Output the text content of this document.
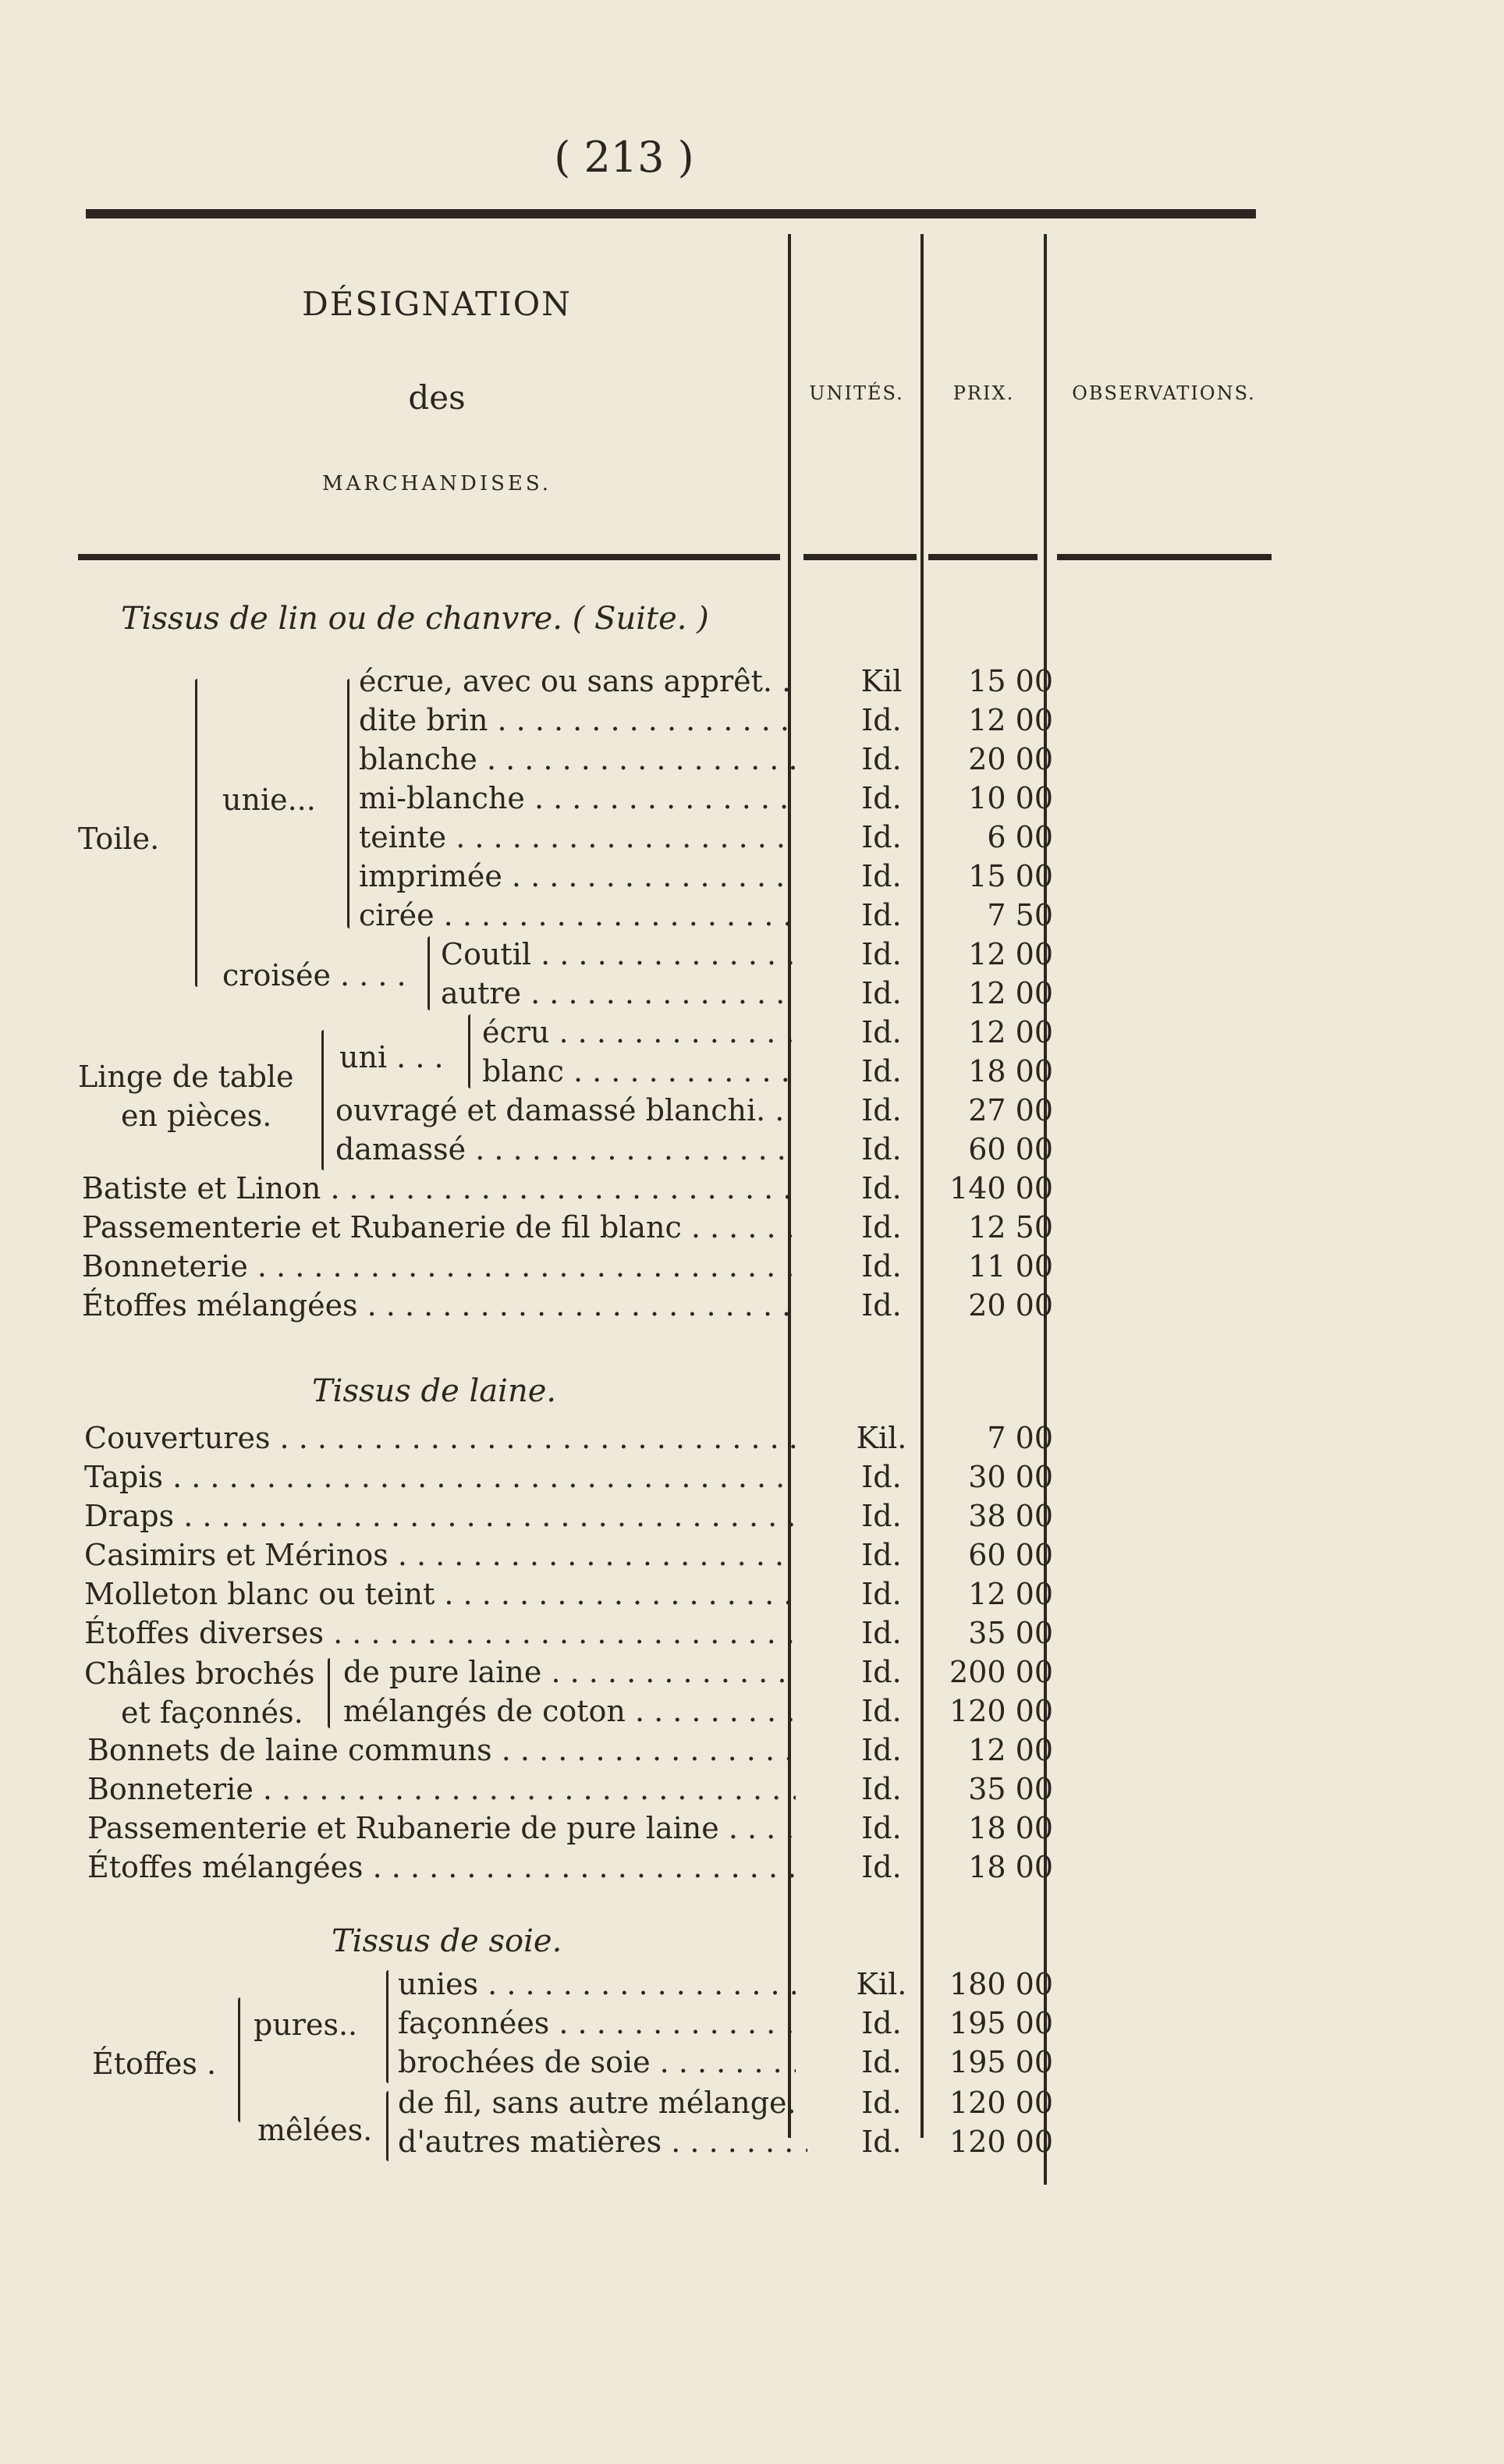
( 213 )
DÉSIGNATION
des
MARCHANDISES.
UNITÉS.	PRIX.	OBSERVATIONS.
Tissus de lin ou de chanvre. ( Suite. )
Tissus de laine.
Tissus de soie.
Toile.
unie...
croisée . . . .
Linge de table
en pièces.
uni . . .
Châles brochés
et façonnés.
Étoffes .
pures..
mêlées.
écrue, avec ou sans apprêt. . . .	Kil	15 00
dite brin . . .	Id.	12 00
blanche . . .	Id.	20 00
mi-blanche . . .	Id.	10 00
teinte . . .	Id.	6 00
imprimée . . .	Id.	15 00
cirée . . .	Id.	7 50
Coutil . . .	Id.	12 00
autre . . .	Id.	12 00
écru . . .	Id.	12 00
blanc . . .	Id.	18 00
ouvragé et damassé blanchi. . . .	Id.	27 00
damassé . . .	Id.	60 00
Batiste et Linon . . .	Id.	140 00
Passementerie et Rubanerie de fil blanc . . .	Id.	12 50
Bonneterie . . .	Id.	11 00
Étoffes mélangées . . .	Id.	20 00
Couvertures . . .	Kil.	7 00
Tapis . . .	Id.	30 00
Draps . . .	Id.	38 00
Casimirs et Mérinos . . .	Id.	60 00
Molleton blanc ou teint . . .	Id.	12 00
Étoffes diverses . . .	Id.	35 00
de pure laine . . .	Id.	200 00
mélangés de coton . . .	Id.	120 00
Bonnets de laine communs . . .	Id.	12 00
Bonneterie . . .	Id.	35 00
Passementerie et Rubanerie de pure laine . . .	Id.	18 00
Étoffes mélangées . . .	Id.	18 00
unies . . .	Kil.	180 00
façonnées . . .	Id.	195 00
brochées de soie . . .	Id.	195 00
de fil, sans autre mélange. . . .	Id.	120 00
d'autres matières . . .	Id.	120 00
